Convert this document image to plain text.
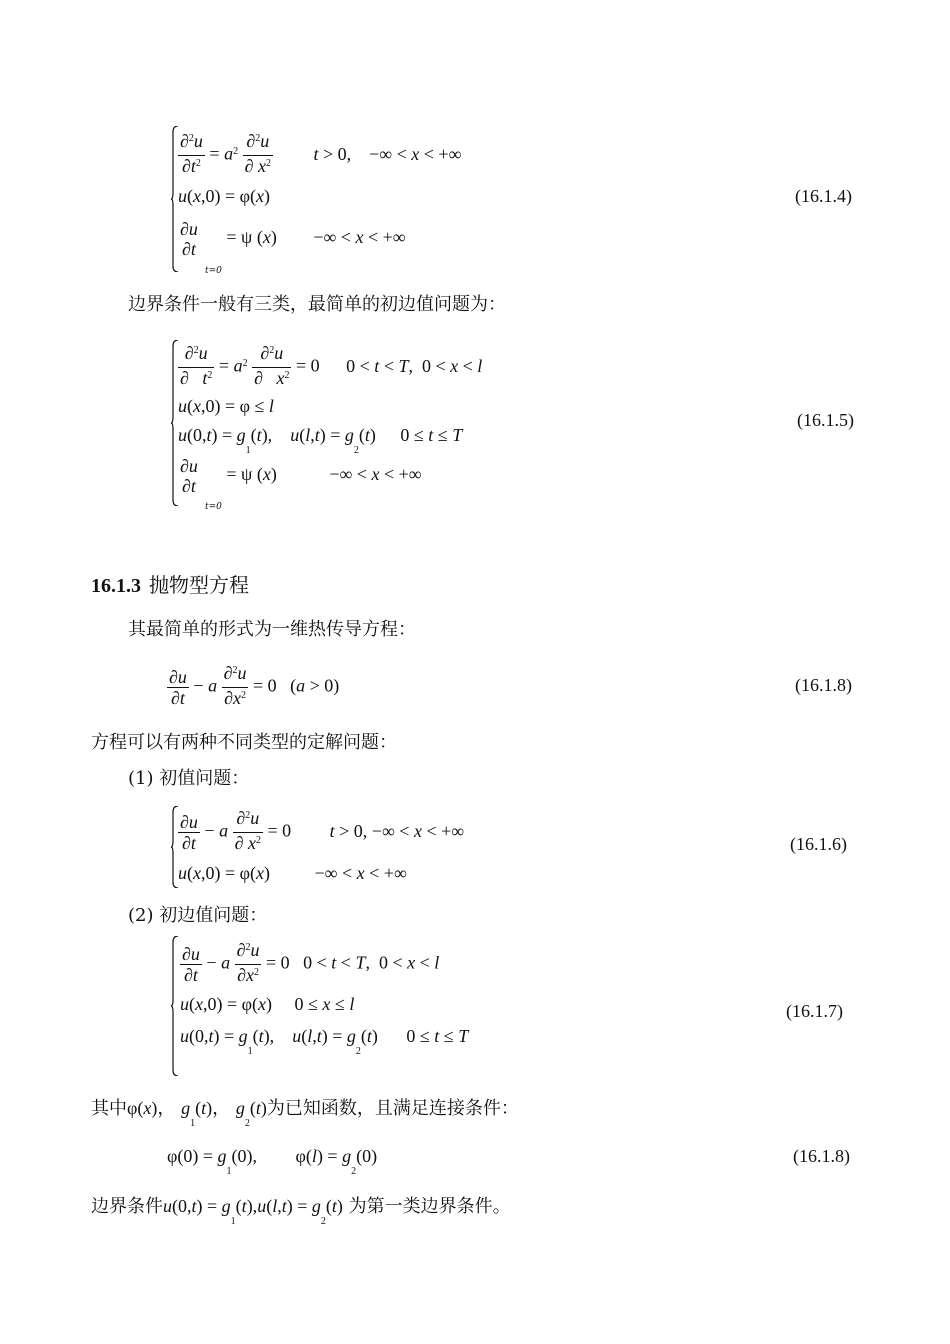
$\frac{\partial^2u}{\partial t^2} = a^2 \frac{\partial^2u}{\partial x^2}$ t > 0,    −∞ < x < +∞
u(x,0) = φ(x)
∂u
∂t
= ψ (x) −∞ < x < +∞
t=0
(16.1.4)
边界条件一般有三类，最简单的初边值问题为：
$\frac{\partial^2u}{\partial t^2} = a^2 \frac{\partial^2u}{\partial x^2} = 0$ 0 < t < T,  0 < x < l
u(x,0) = φ ≤ l
$u(0,t) = g_1(t)$,    $u(l,t) = g_2(t) 0 \le t \le T$
∂u
∂t
= ψ (x)	−∞ < x < +∞
t=0
(16.1.5)
16.1.3 抛物型方程
其最简单的形式为一维热传导方程：
$\frac{\partial u}{\partial t} - a \frac{\partial^2u}{\partial x^2} = 0$   (a > 0)	(16.1.8)
方程可以有两种不同类型的定解问题：
(1) 初值问题：
$\frac{\partial u}{\partial t} - a \frac{\partial^2u}{\partial x^2} = 0$ t > 0, −∞ < x < +∞
u(x,0) = φ(x) −∞ < x < +∞
(16.1.6)
(2) 初边值问题：
$\frac{\partial u}{\partial t} - a \frac{\partial^2u}{\partial x^2} = 0$   0 < t < T,  0 < x < l
u(x,0) = φ(x) 0 ≤ x ≤ l
$u(0,t) = g_1(t)$,    $u(l,t) = g_2(t) 0 \le t \le T$
(16.1.7)
其中φ(x)， $g_1(t)$， $g_2(t)$为已知函数，且满足连接条件：
$\varphi(0) = g_1(0)$, $\varphi(l) = g_2(0)$	(16.1.8)
边界条件$u(0,t) = g_1(t),u(l,t) = g_2(t)$ 为第一类边界条件。
